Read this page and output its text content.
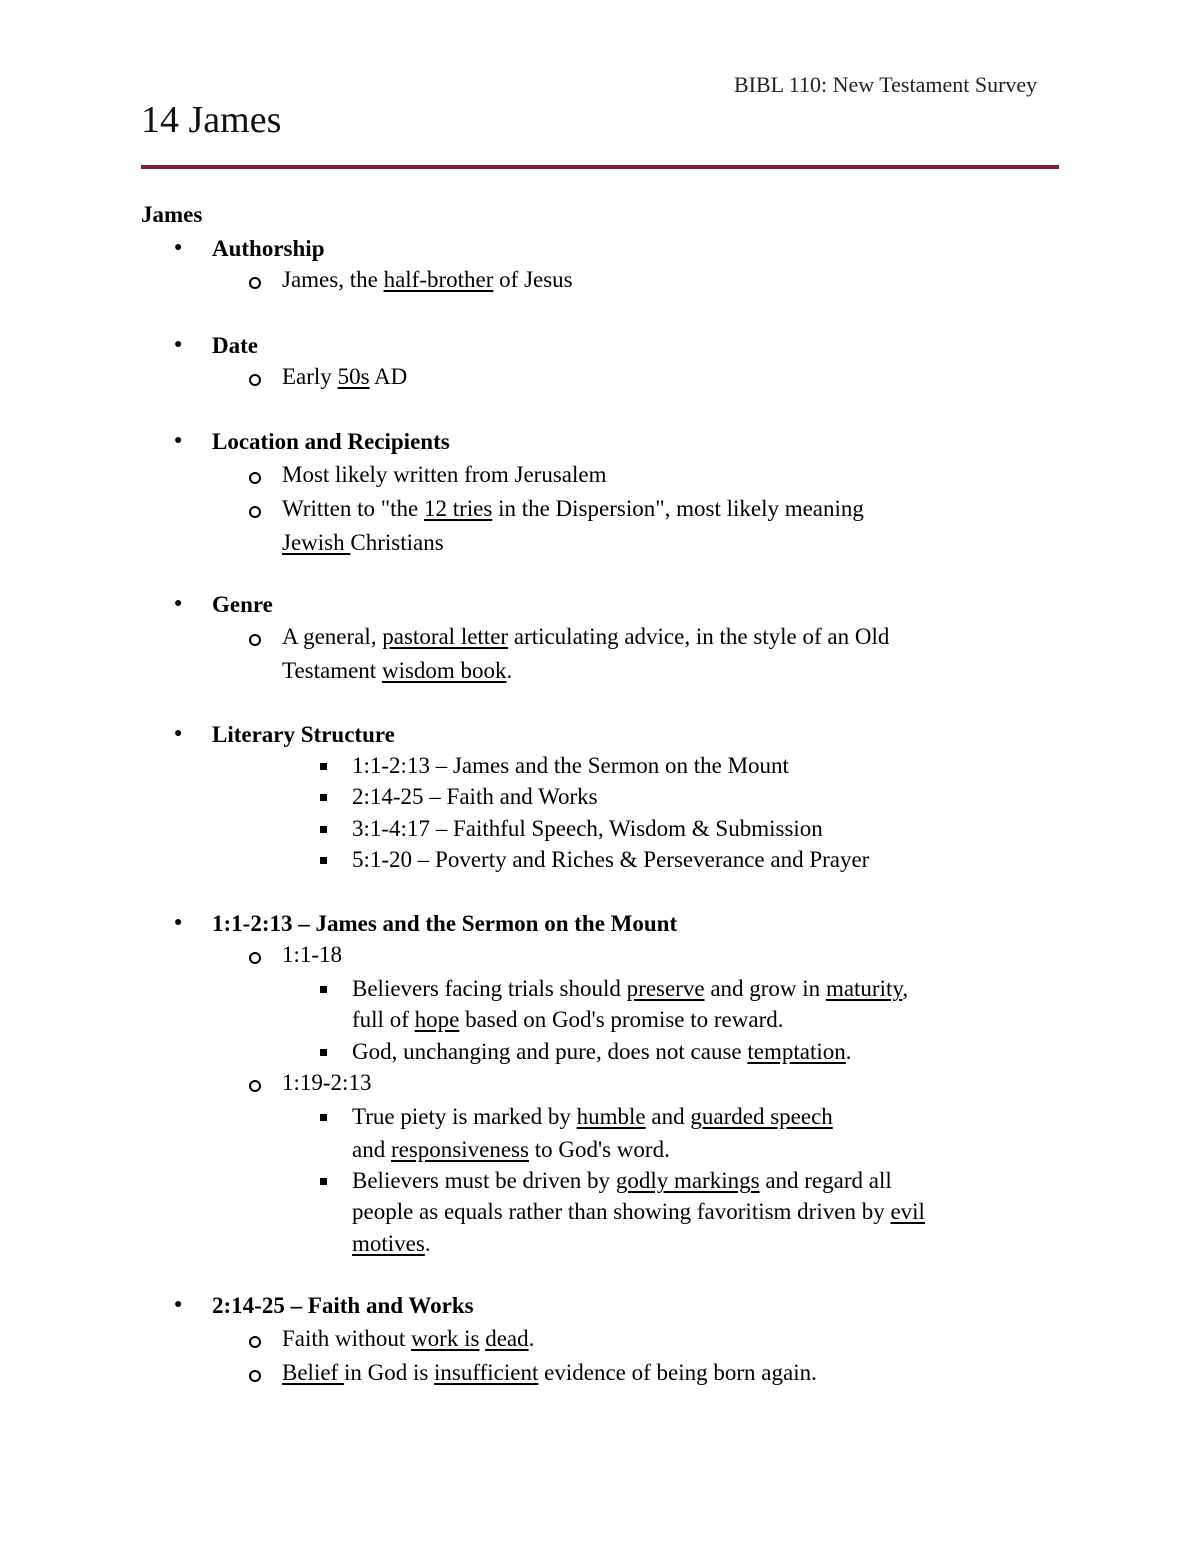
BIBL 110: New Testament Survey
14 James
James
● Authorship
James, the half-brother of Jesus
● Date
Early 50s AD
● Location and Recipients
Most likely written from Jerusalem
Written to "the 12 tries in the Dispersion", most likely meaning
Jewish Christians
● Genre
A general, pastoral letter articulating advice, in the style of an Old
Testament wisdom book.
● Literary Structure
1:1-2:13 – James and the Sermon on the Mount
2:14-25 – Faith and Works
3:1-4:17 – Faithful Speech, Wisdom & Submission
5:1-20 – Poverty and Riches & Perseverance and Prayer
● 1:1-2:13 – James and the Sermon on the Mount
1:1-18
Believers facing trials should preserve and grow in maturity,
full of hope based on God's promise to reward.
God, unchanging and pure, does not cause temptation.
1:19-2:13
True piety is marked by humble and guarded speech
and responsiveness to God's word.
Believers must be driven by godly markings and regard all
people as equals rather than showing favoritism driven by evil
motives.
● 2:14-25 – Faith and Works
Faith without work is dead.
Belief in God is insufficient evidence of being born again.
